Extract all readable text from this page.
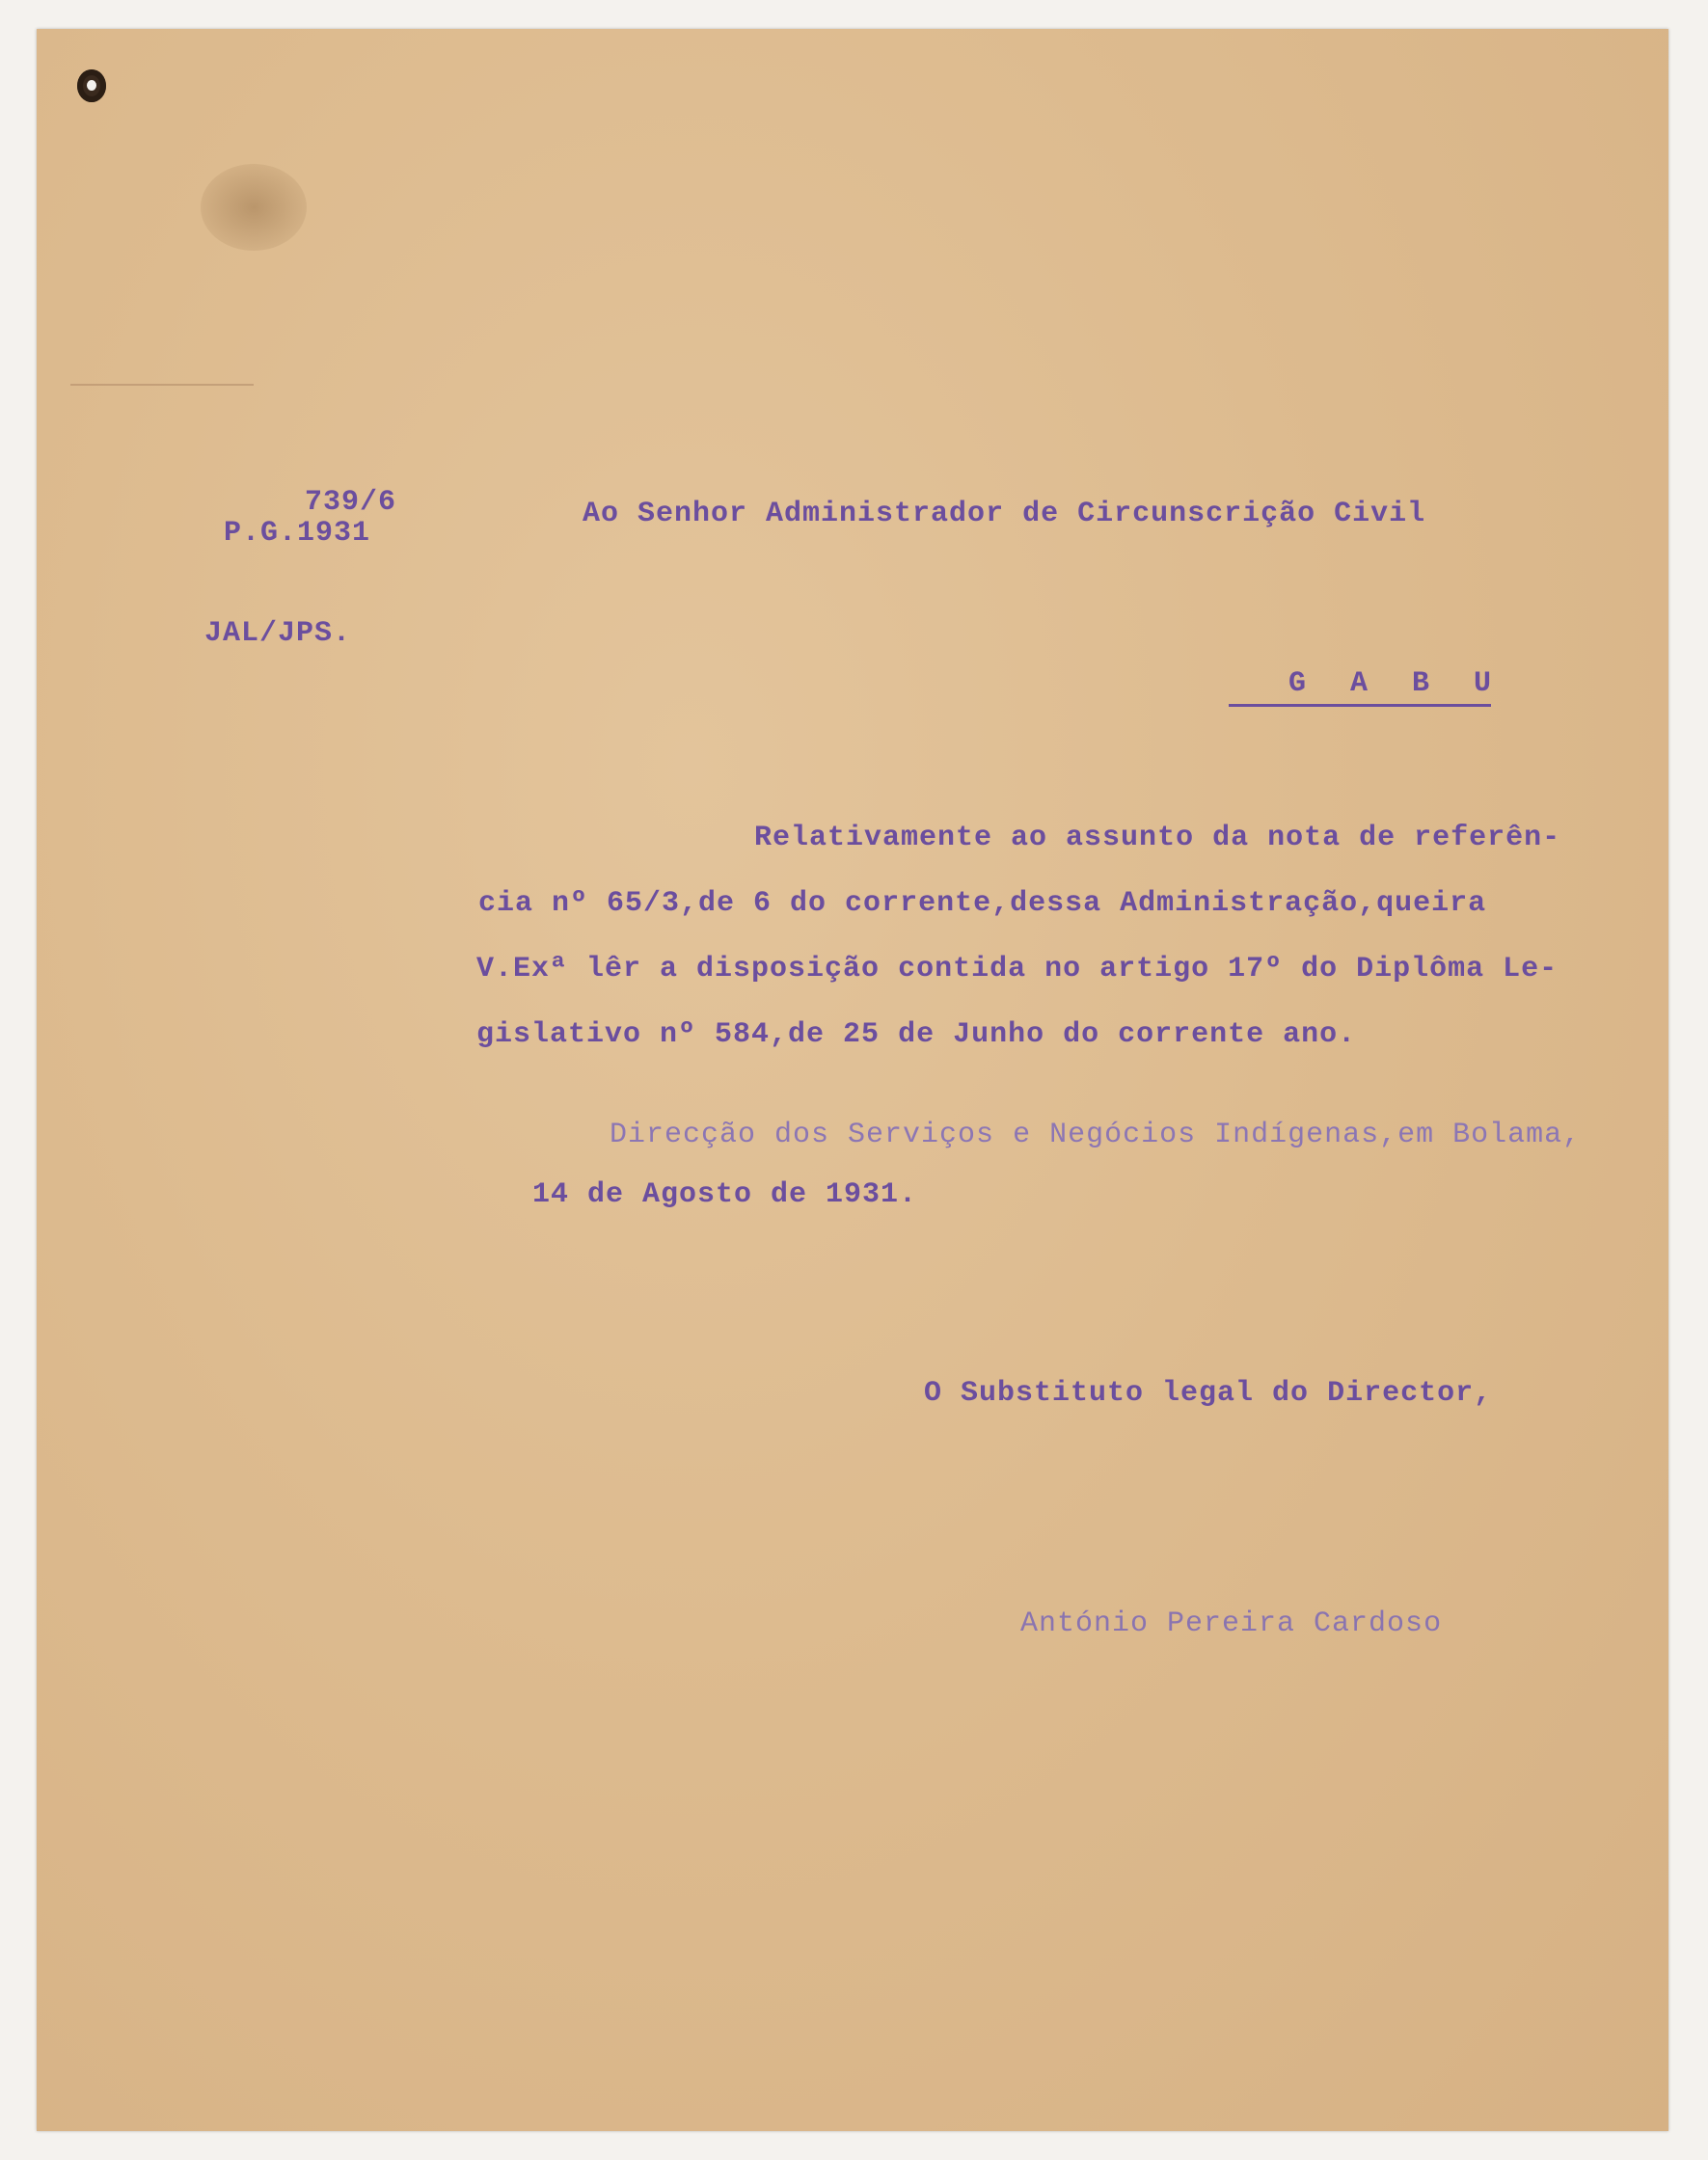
739/6

P.G.1931

JAL/JPS.

Ao Senhor Administrador de Circunscrição Civil

G A B U

Relativamente ao assunto da nota de referên-

cia nº 65/3,de 6 do corrente,dessa Administração,queira

V.Exª lêr a disposição contida no artigo 17º do Diplôma Le-

gislativo nº 584,de 25 de Junho do corrente ano.

Direcção dos Serviços e Negócios Indígenas,em Bolama,

14 de Agosto de 1931.

O Substituto legal do Director,

António Pereira Cardoso
